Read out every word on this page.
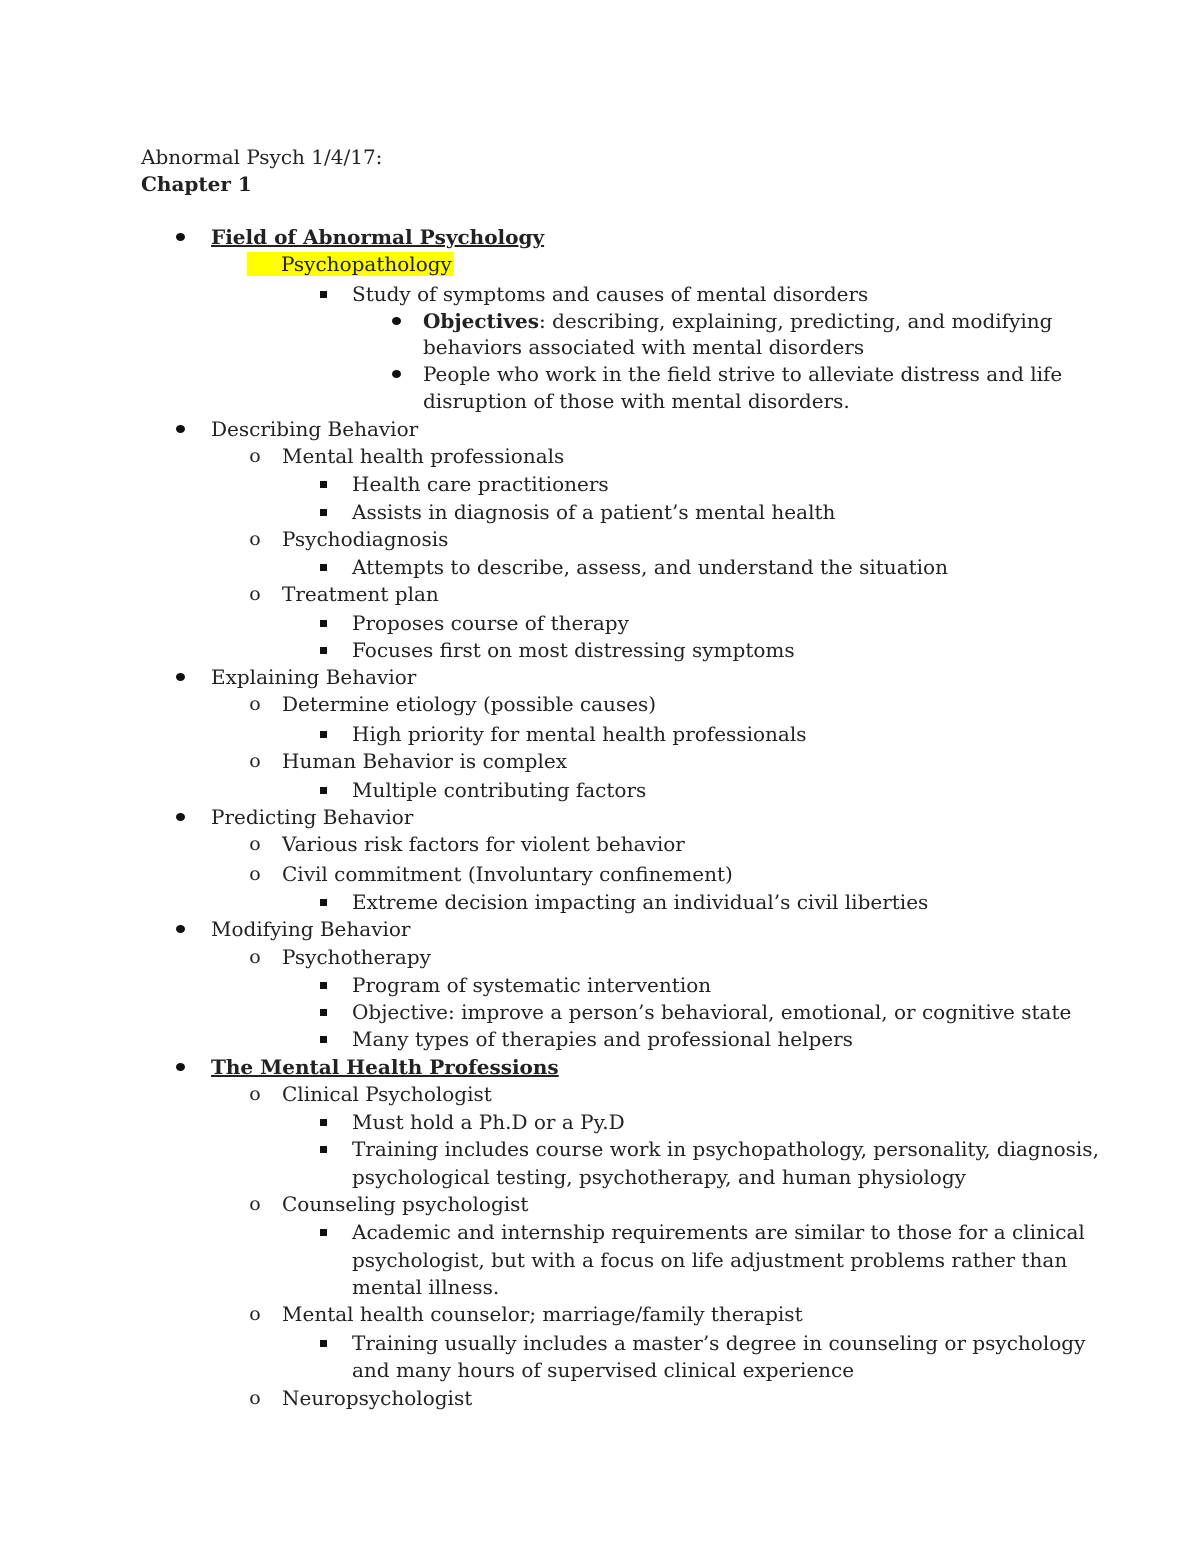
Abnormal Psych 1/4/17:
Chapter 1
Field of Abnormal Psychology
Psychopathology
Study of symptoms and causes of mental disorders
Objectives: describing, explaining, predicting, and modifying
behaviors associated with mental disorders
People who work in the field strive to alleviate distress and life
disruption of those with mental disorders.
Describing Behavior
o Mental health professionals
Health care practitioners
Assists in diagnosis of a patient’s mental health
o Psychodiagnosis
Attempts to describe, assess, and understand the situation
o Treatment plan
Proposes course of therapy
Focuses first on most distressing symptoms
Explaining Behavior
o Determine etiology (possible causes)
High priority for mental health professionals
o Human Behavior is complex
Multiple contributing factors
Predicting Behavior
o Various risk factors for violent behavior
o Civil commitment (Involuntary confinement)
Extreme decision impacting an individual’s civil liberties
Modifying Behavior
o Psychotherapy
Program of systematic intervention
Objective: improve a person’s behavioral, emotional, or cognitive state
Many types of therapies and professional helpers
The Mental Health Professions
o Clinical Psychologist
Must hold a Ph.D or a Py.D
Training includes course work in psychopathology, personality, diagnosis,
psychological testing, psychotherapy, and human physiology
o Counseling psychologist
Academic and internship requirements are similar to those for a clinical
psychologist, but with a focus on life adjustment problems rather than
mental illness.
o Mental health counselor; marriage/family therapist
Training usually includes a master’s degree in counseling or psychology
and many hours of supervised clinical experience
o Neuropsychologist
